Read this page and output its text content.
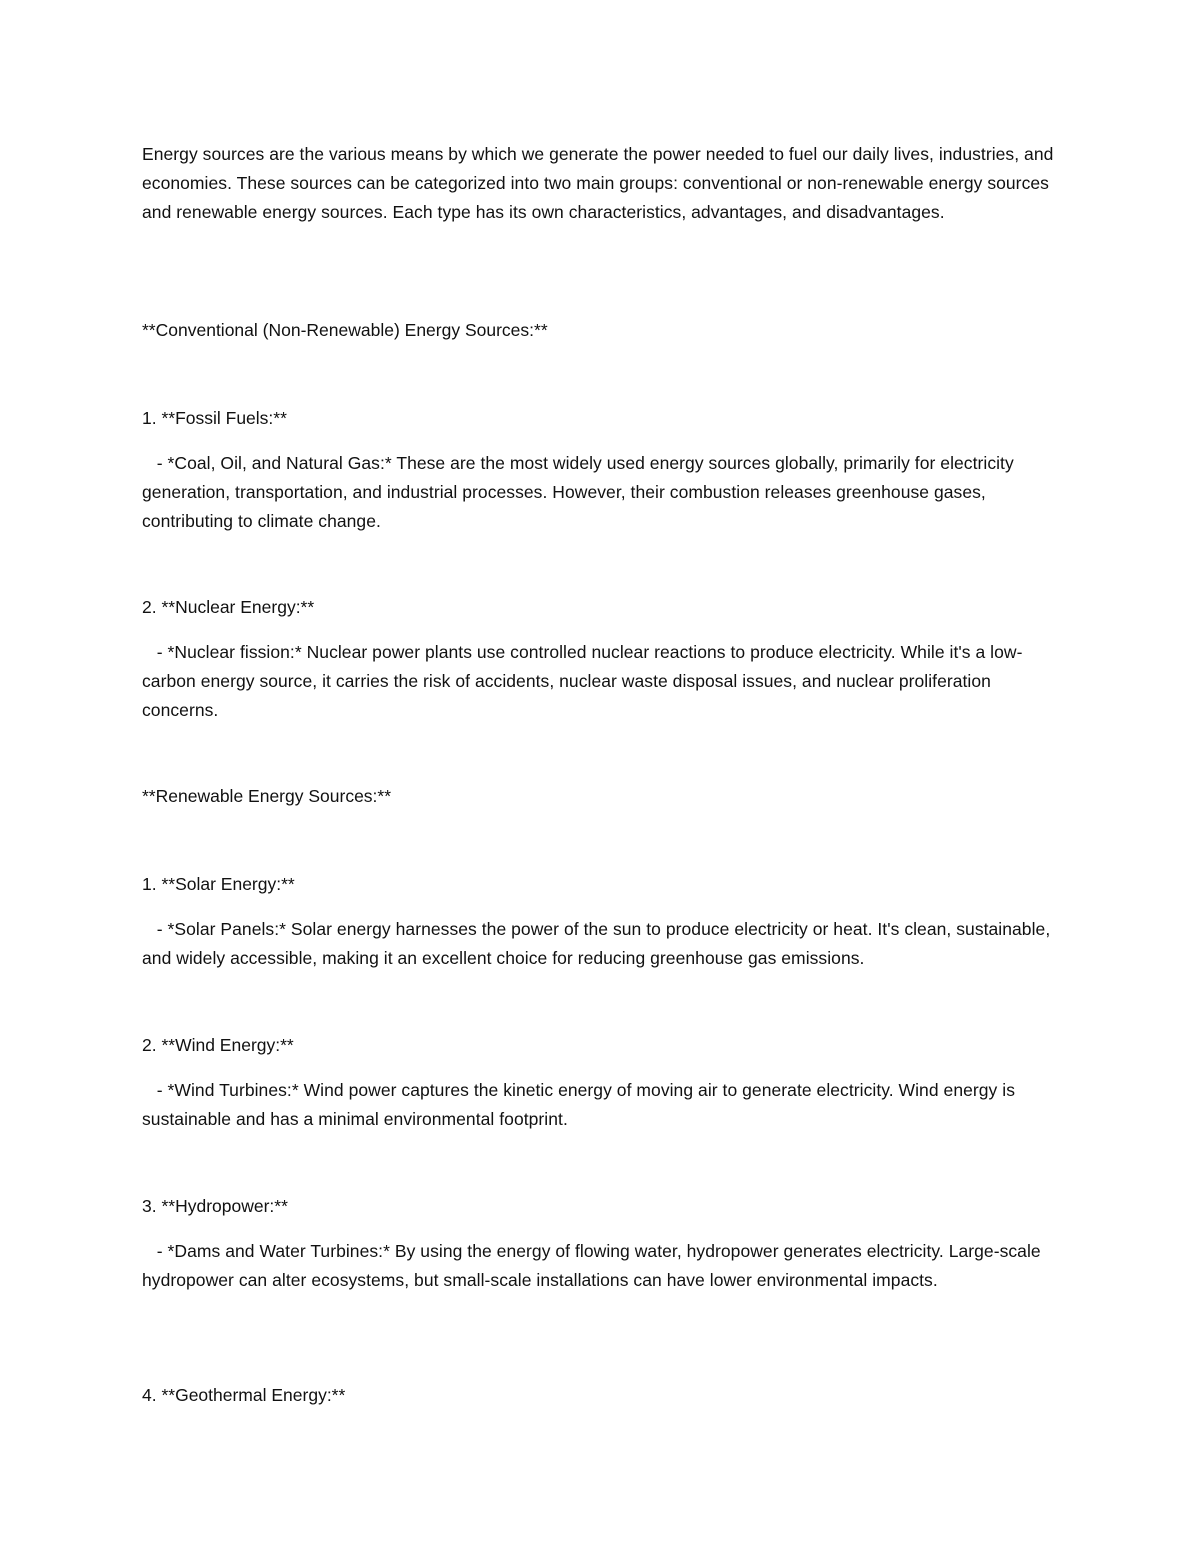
Energy sources are the various means by which we generate the power needed to fuel our daily lives, industries, and economies. These sources can be categorized into two main groups: conventional or non-renewable energy sources and renewable energy sources. Each type has its own characteristics, advantages, and disadvantages.

**Conventional (Non-Renewable) Energy Sources:**

1. **Fossil Fuels:**

- *Coal, Oil, and Natural Gas:* These are the most widely used energy sources globally, primarily for electricity generation, transportation, and industrial processes. However, their combustion releases greenhouse gases, contributing to climate change.

2. **Nuclear Energy:**

- *Nuclear fission:* Nuclear power plants use controlled nuclear reactions to produce electricity. While it's a low-carbon energy source, it carries the risk of accidents, nuclear waste disposal issues, and nuclear proliferation concerns.

**Renewable Energy Sources:**

1. **Solar Energy:**

- *Solar Panels:* Solar energy harnesses the power of the sun to produce electricity or heat. It's clean, sustainable, and widely accessible, making it an excellent choice for reducing greenhouse gas emissions.

2. **Wind Energy:**

- *Wind Turbines:* Wind power captures the kinetic energy of moving air to generate electricity. Wind energy is sustainable and has a minimal environmental footprint.

3. **Hydropower:**

- *Dams and Water Turbines:* By using the energy of flowing water, hydropower generates electricity. Large-scale hydropower can alter ecosystems, but small-scale installations can have lower environmental impacts.

4. **Geothermal Energy:**
